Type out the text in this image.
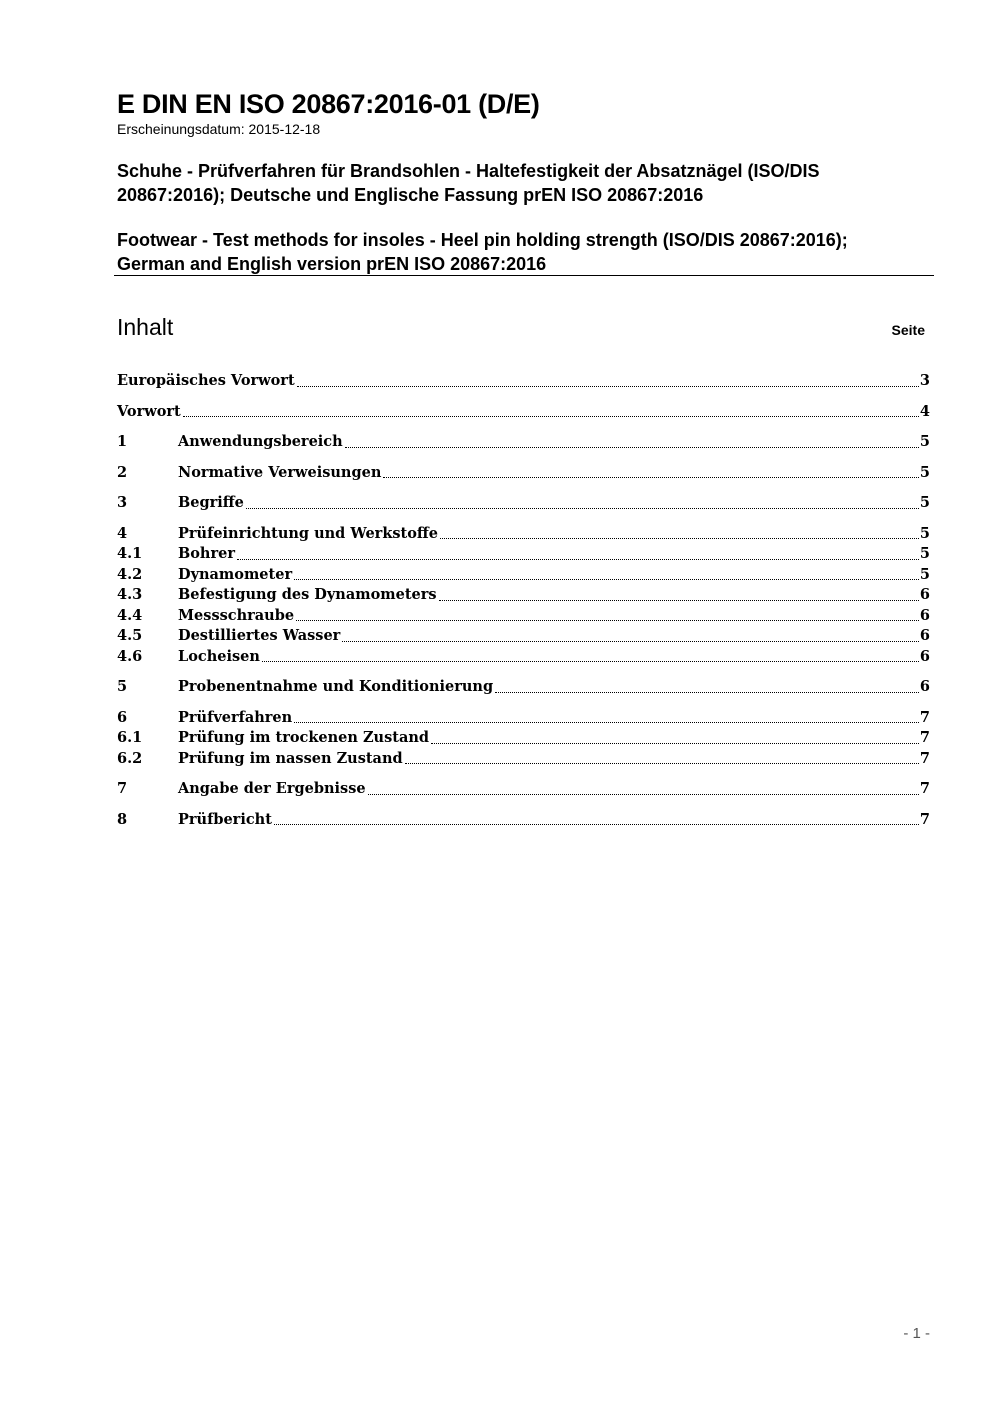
E DIN EN ISO 20867:2016-01 (D/E)
Erscheinungsdatum: 2015-12-18
Schuhe - Prüfverfahren für Brandsohlen - Haltefestigkeit der Absatznägel (ISO/DIS 20867:2016); Deutsche und Englische Fassung prEN ISO 20867:2016
Footwear - Test methods for insoles - Heel pin holding strength (ISO/DIS 20867:2016); German and English version prEN ISO 20867:2016
Inhalt	Seite
Europäisches Vorwort	3
Vorwort	4
1	Anwendungsbereich	5
2	Normative Verweisungen	5
3	Begriffe	5
4	Prüfeinrichtung und Werkstoffe	5
4.1	Bohrer	5
4.2	Dynamometer	5
4.3	Befestigung des Dynamometers	6
4.4	Messschraube	6
4.5	Destilliertes Wasser	6
4.6	Locheisen	6
5	Probenentnahme und Konditionierung	6
6	Prüfverfahren	7
6.1	Prüfung im trockenen Zustand	7
6.2	Prüfung im nassen Zustand	7
7	Angabe der Ergebnisse	7
8	Prüfbericht	7
- 1 -
